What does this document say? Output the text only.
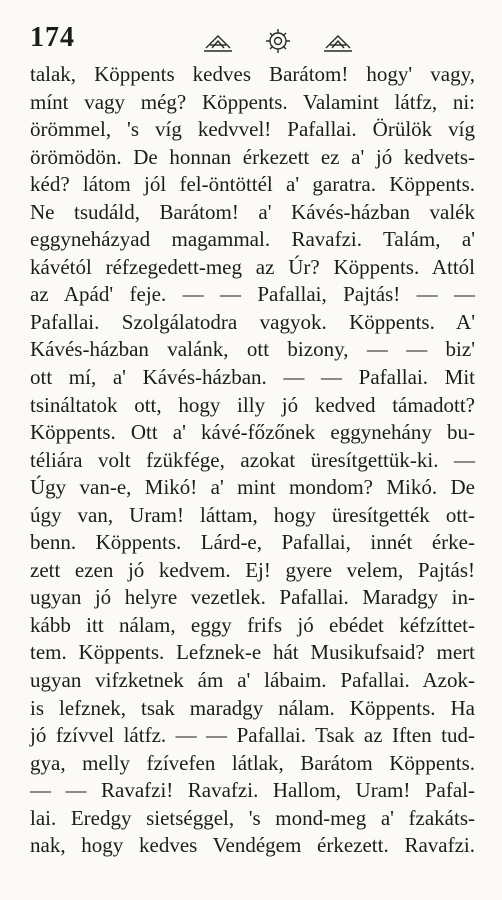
174
talak, Köppents kedves Barátom! hogy' vagy,
mínt vagy még? Köppents. Valamint látfz, ni:
örömmel, 's víg kedvvel! Pafallai. Örülök víg
örömödön. De honnan érkezett ez a' jó kedvets-
kéd? látom jól fel-öntöttél a' garatra. Köppents.
Ne tsudáld, Barátom! a' Kávés-házban valék
eggyneházyad magammal. Ravafzi. Talám, a'
kávétól réfzegedett-meg az Úr? Köppents. Attól
az Apád' feje. — — Pafallai, Pajtás! — —
Pafallai. Szolgálatodra vagyok. Köppents. A'
Kávés-házban valánk, ott bizony, — — biz'
ott mí, a' Kávés-házban. — — Pafallai. Mit
tsináltatok ott, hogy illy jó kedved támadott?
Köppents. Ott a' kávé-főzőnek eggynehány bu-
téliára volt fzükfége, azokat üresítgettük-ki. —
Úgy van-e, Mikó! a' mint mondom? Mikó. De
úgy van, Uram! láttam, hogy üresítgették ott-
benn. Köppents. Lárd-e, Pafallai, innét érke-
zett ezen jó kedvem. Ej! gyere velem, Pajtás!
ugyan jó helyre vezetlek. Pafallai. Maradgy in-
kább itt nálam, eggy frifs jó ebédet kéfzíttet-
tem. Köppents. Lefznek-e hát Musikufsaid? mert
ugyan vifzketnek ám a' lábaim. Pafallai. Azok-
is lefznek, tsak maradgy nálam. Köppents. Ha
jó fzívvel látfz. — — Pafallai. Tsak az Iften tud-
gya, melly fzívefen látlak, Barátom Köppents.
— — Ravafzi! Ravafzi. Hallom, Uram! Pafal-
lai. Eredgy sietséggel, 's mond-meg a' fzakáts-
nak, hogy kedves Vendégem érkezett. Ravafzi.
